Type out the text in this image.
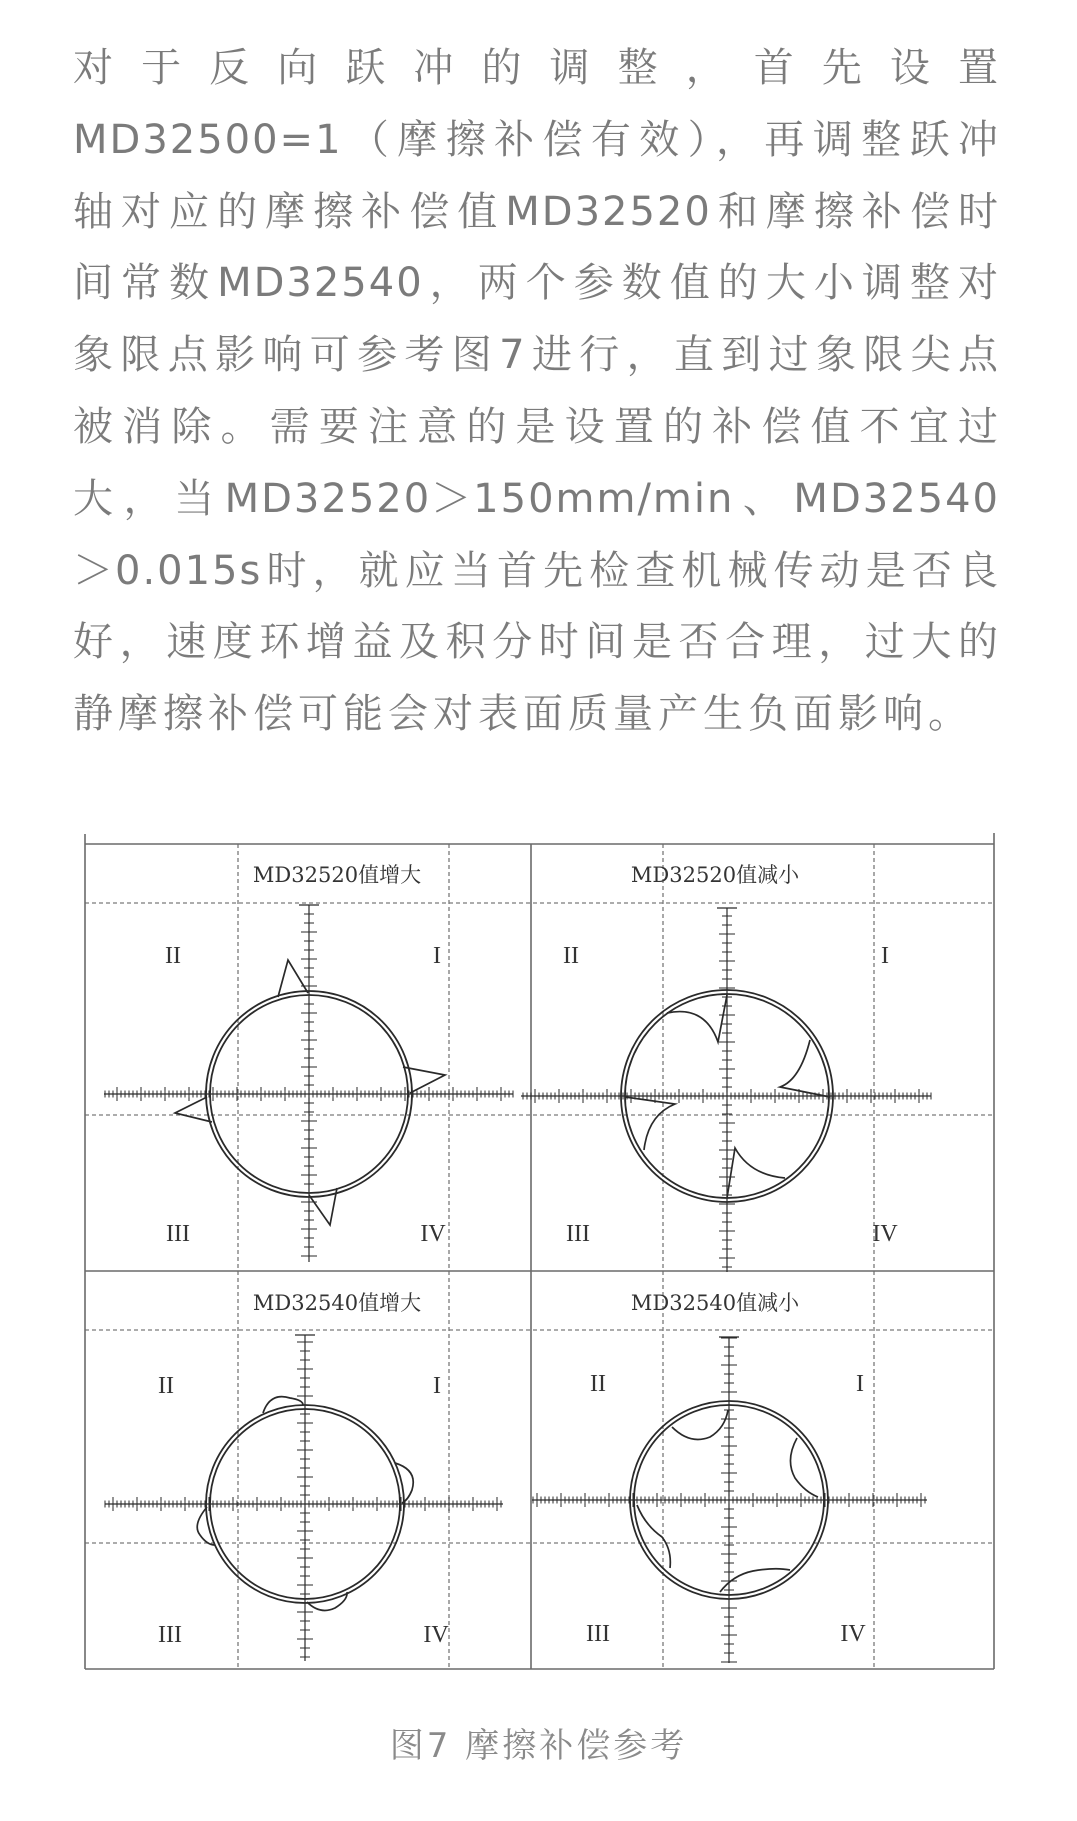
对于反向跃冲的调整，首先设置
MD32500=1（摩擦补偿有效），再调整跃冲
轴对应的摩擦补偿值MD32520和摩擦补偿时
间常数MD32540，两个参数值的大小调整对
象限点影响可参考图7进行，直到过象限尖点
被消除。需要注意的是设置的补偿值不宜过
大，当MD32520＞150mm/min、MD32540
＞0.015s时，就应当首先检查机械传动是否良
好，速度环增益及积分时间是否合理，过大的
静摩擦补偿可能会对表面质量产生负面影响。
MD32520值增大
I
II
III	IV
MD32520值减小
I
II
III	IV
MD32540值增大
I
II
III	IV
MD32540值减小
I
II
III	IV
图7 摩擦补偿参考
